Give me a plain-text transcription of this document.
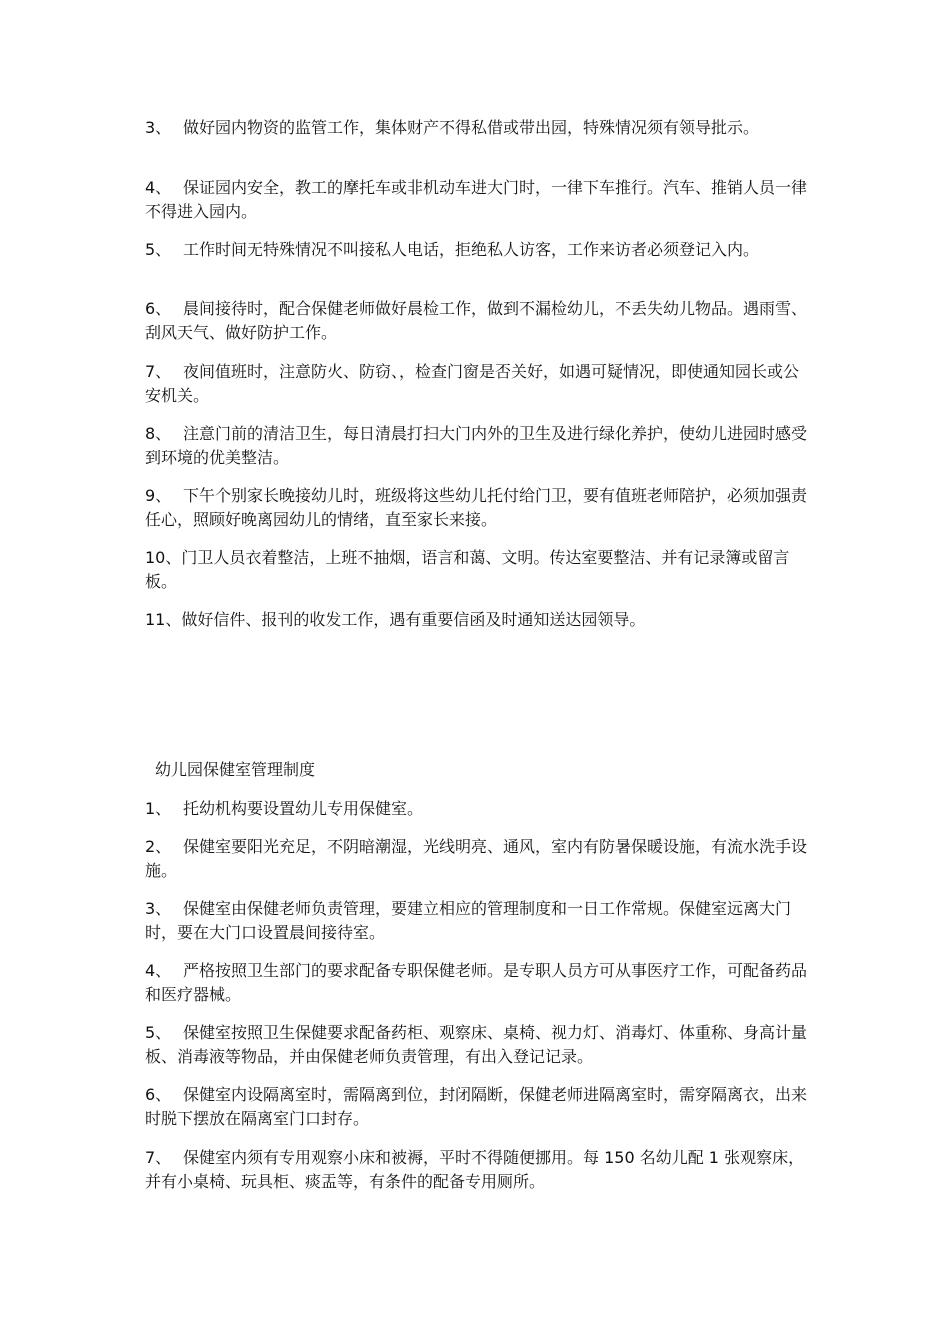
3、 做好园内物资的监管工作，集体财产不得私借或带出园，特殊情况须有领导批示。

4、 保证园内安全，教工的摩托车或非机动车进大门时，一律下车推行。汽车、推销人员一律不得进入园内。

5、 工作时间无特殊情况不叫接私人电话，拒绝私人访客，工作来访者必须登记入内。

6、 晨间接待时，配合保健老师做好晨检工作，做到不漏检幼儿，不丢失幼儿物品。遇雨雪、刮风天气、做好防护工作。

7、 夜间值班时，注意防火、防窃、，检查门窗是否关好，如遇可疑情况，即使通知园长或公安机关。

8、 注意门前的清洁卫生，每日清晨打扫大门内外的卫生及进行绿化养护，使幼儿进园时感受到环境的优美整洁。

9、 下午个别家长晚接幼儿时，班级将这些幼儿托付给门卫，要有值班老师陪护，必须加强责任心，照顾好晚离园幼儿的情绪，直至家长来接。

10、门卫人员衣着整洁，上班不抽烟，语言和蔼、文明。传达室要整洁、并有记录簿或留言板。

11、做好信件、报刊的收发工作，遇有重要信函及时通知送达园领导。

幼儿园保健室管理制度

1、 托幼机构要设置幼儿专用保健室。

2、 保健室要阳光充足，不阴暗潮湿，光线明亮、通风，室内有防暑保暖设施，有流水洗手设施。

3、 保健室由保健老师负责管理，要建立相应的管理制度和一日工作常规。保健室远离大门时，要在大门口设置晨间接待室。

4、 严格按照卫生部门的要求配备专职保健老师。是专职人员方可从事医疗工作，可配备药品和医疗器械。

5、 保健室按照卫生保健要求配备药柜、观察床、桌椅、视力灯、消毒灯、体重称、身高计量板、消毒液等物品，并由保健老师负责管理，有出入登记记录。

6、 保健室内设隔离室时，需隔离到位，封闭隔断，保健老师进隔离室时，需穿隔离衣，出来时脱下摆放在隔离室门口封存。

7、 保健室内须有专用观察小床和被褥，平时不得随便挪用。每 150 名幼儿配 1 张观察床，并有小桌椅、玩具柜、痰盂等，有条件的配备专用厕所。
